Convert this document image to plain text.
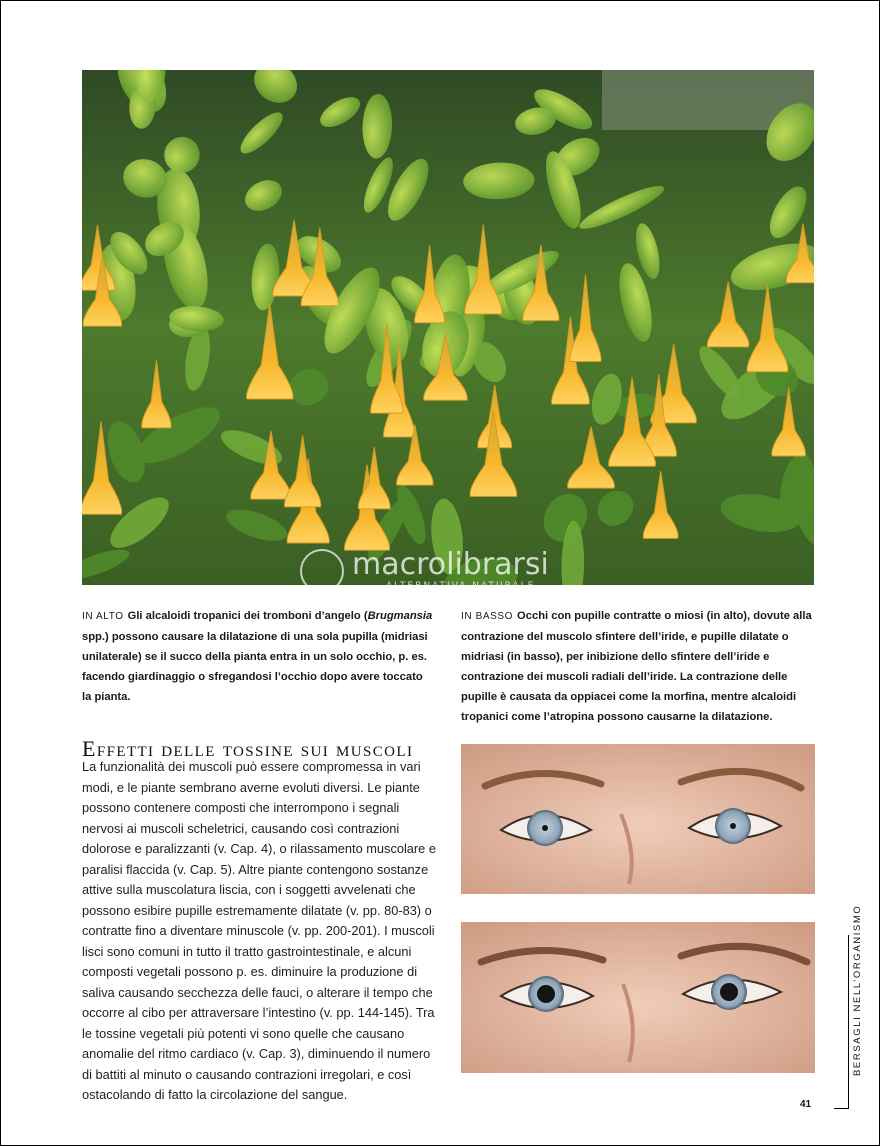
macrolibrarsi
ALTERNATIVA NATURALE
IN ALTO Gli alcaloidi tropanici dei tromboni d’angelo (Brugmansia spp.) possono causare la dilatazione di una sola pupilla (midriasi unilaterale) se il succo della pianta entra in un solo occhio, p. es. facendo giardinaggio o sfregandosi l’occhio dopo avere toccato la pianta.
IN BASSO Occhi con pupille contratte o miosi (in alto), dovute alla contrazione del muscolo sfintere dell’iride, e pupille dilatate o midriasi (in basso), per inibizione dello sfintere dell’iride e contrazione dei muscoli radiali dell’iride. La contrazione delle pupille è causata da oppiacei come la morfina, mentre alcaloidi tropanici come l’atropina possono causarne la dilatazione.
Effetti delle tossine sui muscoli
La funzionalità dei muscoli può essere compromessa in vari modi, e le piante sembrano averne evoluti diversi. Le piante possono contenere composti che interrompono i segnali nervosi ai muscoli scheletrici, causando così contrazioni dolorose e paralizzanti (v. Cap. 4), o rilassamento muscolare e paralisi flaccida (v. Cap. 5). Altre piante contengono sostanze attive sulla muscolatura liscia, con i soggetti avvelenati che possono esibire pupille estremamente dilatate (v. pp. 80-83) o contratte fino a diventare minuscole (v. pp. 200-201). I muscoli lisci sono comuni in tutto il tratto gastrointestinale, e alcuni composti vegetali possono p. es. diminuire la produzione di saliva causando secchezza delle fauci, o alterare il tempo che occorre al cibo per attraversare l’intestino (v. pp. 144-145). Tra le tossine vegetali più potenti vi sono quelle che causano anomalie del ritmo cardiaco (v. Cap. 3), diminuendo il numero di battiti al minuto o causando contrazioni irregolari, e così ostacolando di fatto la circolazione del sangue.
BERSAGLI NELL’ORGANISMO
41
